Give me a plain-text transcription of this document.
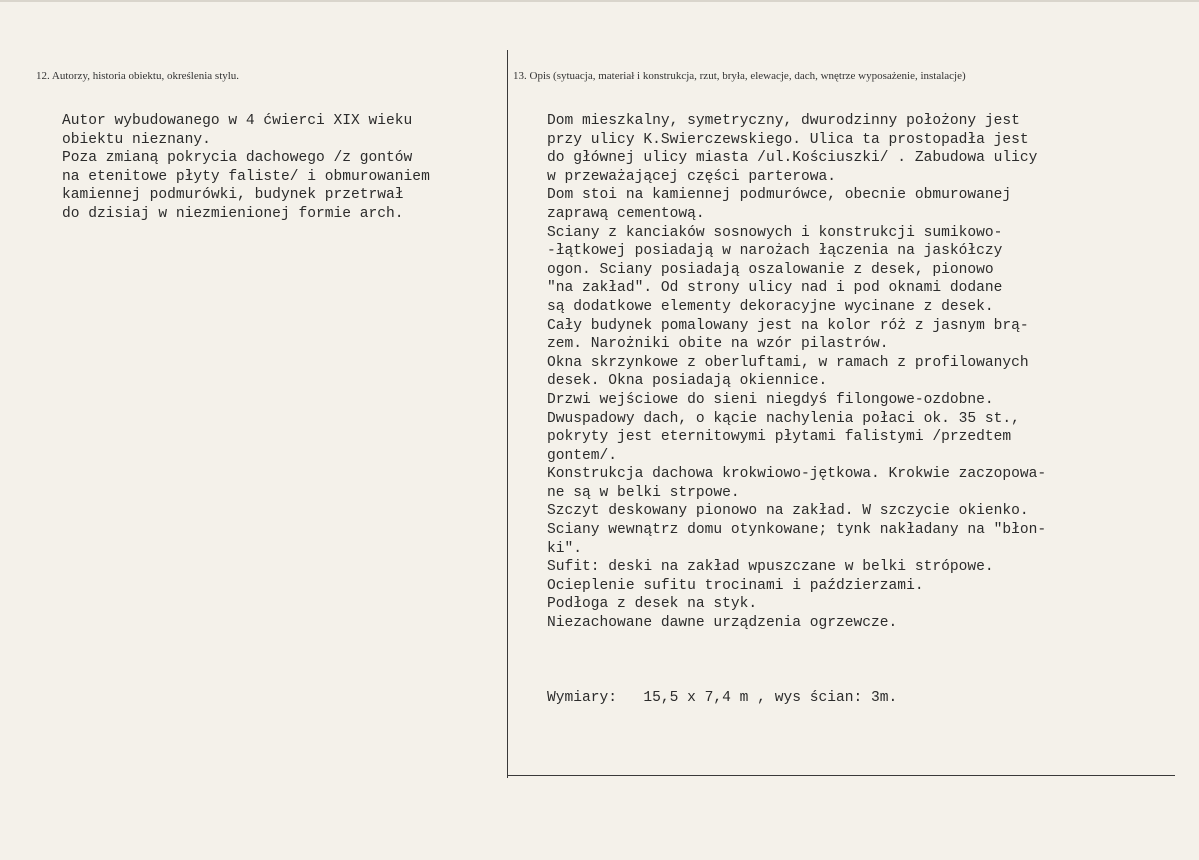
12. Autorzy, historia obiektu, określenia stylu.	13. Opis (sytuacja, materiał i konstrukcja, rzut, bryła, elewacje, dach, wnętrze wyposażenie, instalacje)
Autor wybudowanego w 4 ćwierci XIX wieku
obiektu nieznany.
Poza zmianą pokrycia dachowego /z gontów
na etenitowe płyty faliste/ i obmurowaniem
kamiennej podmurówki, budynek przetrwał
do dzisiaj w niezmienionej formie arch.
Dom mieszkalny, symetryczny, dwurodzinny położony jest
przy ulicy K.Swierczewskiego. Ulica ta prostopadła jest
do głównej ulicy miasta /ul.Kościuszki/ . Zabudowa ulicy
w przeważającej części parterowa.
Dom stoi na kamiennej podmurówce, obecnie obmurowanej
zaprawą cementową.
Sciany z kanciaków sosnowych i konstrukcji sumikowo-
-łątkowej posiadają w narożach łączenia na jaskółczy
ogon. Sciany posiadają oszalowanie z desek, pionowo
"na zakład". Od strony ulicy nad i pod oknami dodane
są dodatkowe elementy dekoracyjne wycinane z desek.
Cały budynek pomalowany jest na kolor róż z jasnym brą-
zem. Narożniki obite na wzór pilastrów.
Okna skrzynkowe z oberluftami, w ramach z profilowanych
desek. Okna posiadają okiennice.
Drzwi wejściowe do sieni niegdyś filongowe-ozdobne.
Dwuspadowy dach, o kącie nachylenia połaci ok. 35 st.,
pokryty jest eternitowymi płytami falistymi /przedtem
gontem/.
Konstrukcja dachowa krokwiowo-jętkowa. Krokwie zaczopowa-
ne są w belki strpowe.
Szczyt deskowany pionowo na zakład. W szczycie okienko.
Sciany wewnątrz domu otynkowane; tynk nakładany na "błon-
ki".
Sufit: deski na zakład wpuszczane w belki strópowe.
Ocieplenie sufitu trocinami i paździerzami.
Podłoga z desek na styk.
Niezachowane dawne urządzenia ogrzewcze.
Wymiary:   15,5 x 7,4 m , wys ścian: 3m.
